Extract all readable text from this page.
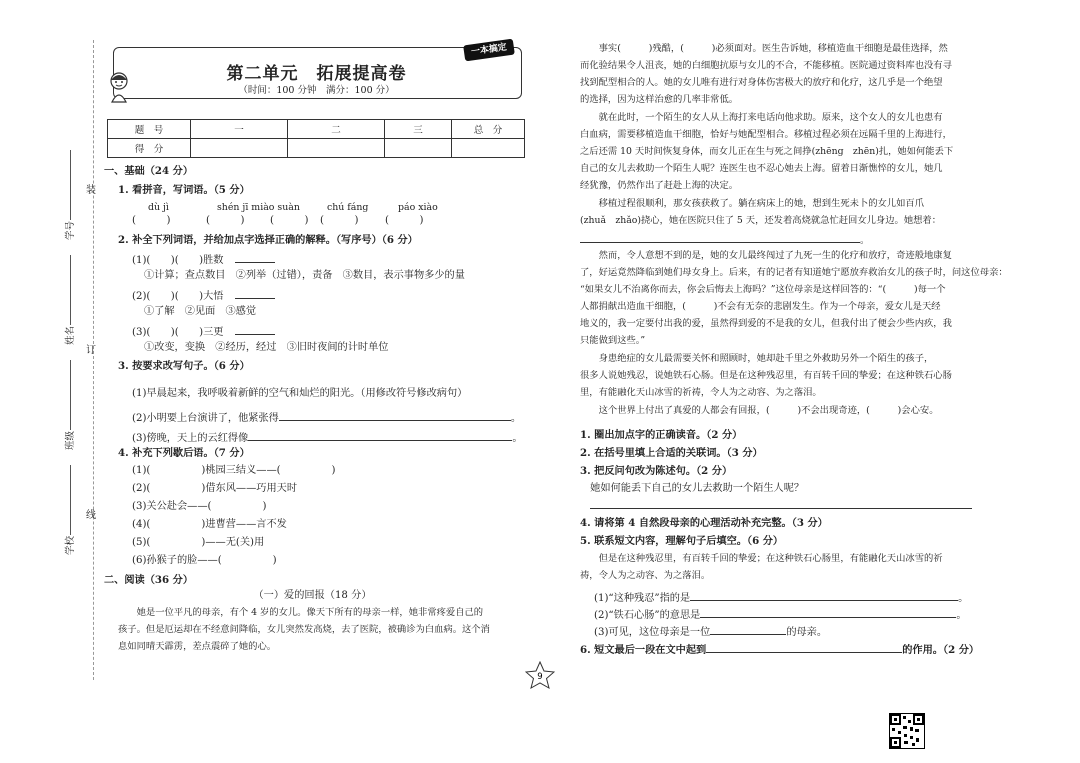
装
订
线
学号
姓名
班级
学校
第二单元　拓展提高卷
（时间：100 分钟　满分：100 分）
一本搞定
题　号	一	二	三	总　分
得　分				
一、基础（24 分）
1. 看拼音，写词语。（5 分）
dù jì	shén jī miào suàn	chú fáng	páo xiào
(　　　)	(　　　) (　　　) (　　　)	(　　　)
2. 补全下列词语，并给加点字选择正确的解释。（写序号）（6 分）
(1)(　　)(　　)胜数
①计算；查点数目　②列举（过错），责备　③数目，表示事物多少的量
(2)(　　)(　　)大悟
①了解　②见面　③感觉
(3)(　　)(　　)三更
①改变，变换　②经历，经过　③旧时夜间的计时单位
3. 按要求改写句子。（6 分）
(1)早晨起来，我呼吸着新鲜的空气和灿烂的阳光。（用修改符号修改病句）
(2)小明要上台演讲了，他紧张得	。
(3)傍晚，天上的云红得像	。
4. 补充下列歇后语。（7 分）
(1)(　　　　　)桃园三结义——(　　　　　)
(2)(　　　　　)借东风——巧用天时
(3)关公赴会——(　　　　　)
(4)(　　　　　)进曹营——言不发
(5)(　　　　　)——无(关)用
(6)孙猴子的脸——(　　　　　)
二、阅读（36 分）
（一）爱的回报（18 分）
　　她是一位平凡的母亲，有个 4 岁的女儿。像天下所有的母亲一样，她非常疼爱自己的
孩子。但是厄运却在不经意间降临，女儿突然发高烧，去了医院，被确诊为白血病。这个消
息如同晴天霹雳，差点震碎了她的心。
　　事实(　　　)残酷，(　　　)必须面对。医生告诉她，移植造血干细胞是最佳选择，然
而化验结果令人沮丧，她的白细胞抗原与女儿的不合，不能移植。医院通过资料库也没有寻
找到配型相合的人。她的女儿唯有进行对身体伤害极大的放疗和化疗，这几乎是一个绝望
的选择，因为这样治愈的几率非常低。
　　就在此时，一个陌生的女人从上海打来电话向他求助。原来，这个女人的女儿也患有
白血病，需要移植造血干细胞，恰好与她配型相合。移植过程必须在远隔千里的上海进行，
之后还需 10 天时间恢复身体，而女儿正在生与死之间挣(zhēng　zhēn)扎，她如何能丢下
自己的女儿去救助一个陌生人呢？连医生也不忍心她去上海。留着日渐憔悴的女儿，她几
经犹豫，仍然作出了赶赴上海的决定。
　　移植过程很顺利，那女孩获救了。躺在病床上的她，想到生死未卜的女儿如百爪
(zhuǎ　zhǎo)挠心，她在医院只住了 5 天，还发着高烧就急忙赶回女儿身边。她想着：
。
　　然而，令人意想不到的是，她的女儿最终闯过了九死一生的化疗和放疗，奇迹般地康复
了，好运竟然降临到她们母女身上。后来，有的记者有知道她宁愿放弃救治女儿的孩子时，问这位母亲：
“如果女儿不治离你而去，你会后悔去上海吗？”这位母亲是这样回答的：“(　　　)每一个
人都捐献出造血干细胞，(　　　)不会有无奈的悲剧发生。作为一个母亲，爱女儿是天经
地义的，我一定要付出我的爱，虽然得到爱的不是我的女儿，但我付出了便会少些内疚，我
只能做到这些。”
　　身患绝症的女儿最需要关怀和照顾时，她却赴千里之外救助另外一个陌生的孩子，
很多人说她残忍，说她铁石心肠。但是在这种残忍里，有百转千回的挚爱；在这种铁石心肠
里，有能融化天山冰雪的祈祷，令人为之动容、为之落泪。
　　这个世界上付出了真爱的人都会有回报，(　　　)不会出现奇迹，(　　　)会心安。
1. 圈出加点字的正确读音。（2 分）
2. 在括号里填上合适的关联词。（3 分）
3. 把反问句改为陈述句。（2 分）
　她如何能丢下自己的女儿去救助一个陌生人呢？
4. 请将第 4 自然段母亲的心理活动补充完整。（3 分）
5. 联系短文内容，理解句子后填空。（6 分）
　　但是在这种残忍里，有百转千回的挚爱；在这种铁石心肠里，有能融化天山冰雪的祈
祷，令人为之动容、为之落泪。
(1)“这种残忍”指的是	。
(2)“铁石心肠”的意思是	。
(3)可见，这位母亲是一位	的母亲。
6. 短文最后一段在文中起到	的作用。（2 分）
9
